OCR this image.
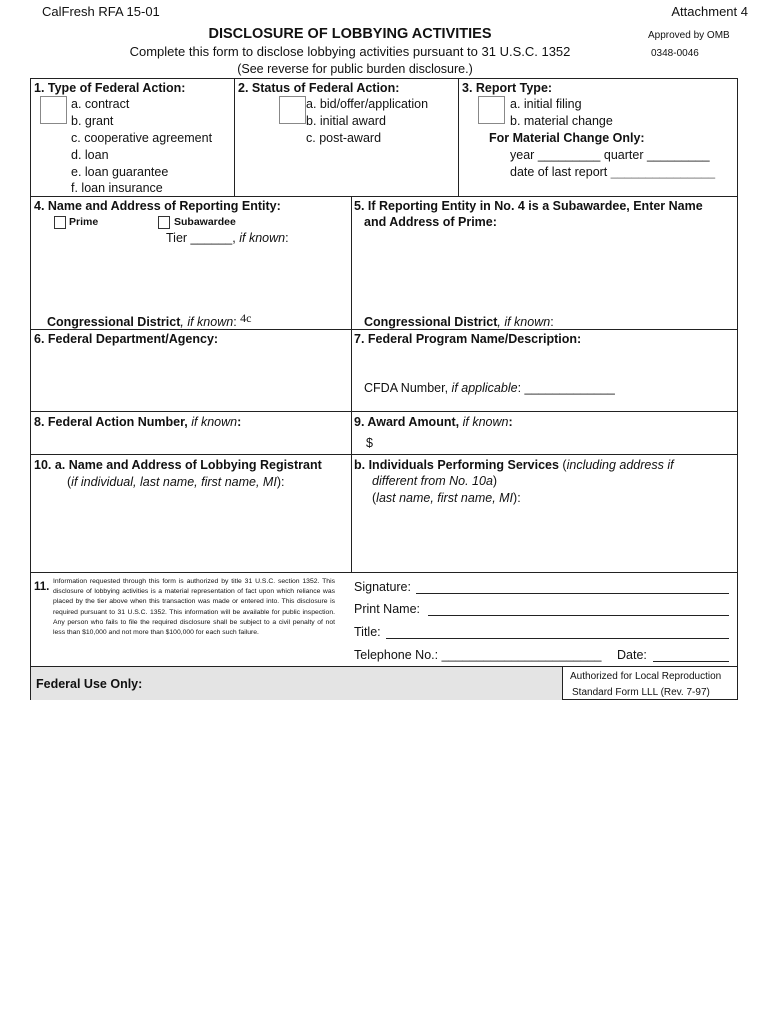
CalFresh RFA 15-01	Attachment 4
DISCLOSURE OF LOBBYING ACTIVITIES	Approved by OMB
Complete this form to disclose lobbying activities pursuant to 31 U.S.C. 1352	0348-0046
(See reverse for public burden disclosure.)
1. Type of Federal Action:
a. contract
b. grant
c. cooperative agreement
d. loan
e. loan guarantee
f. loan insurance
2. Status of Federal Action:
a. bid/offer/application
b. initial award
c. post-award
3. Report Type:
a. initial filing
b. material change
For Material Change Only:
year _________ quarter _________
date of last report _______________
4. Name and Address of Reporting Entity:
Prime	Subawardee
Tier ______, if known:
Congressional District, if known: 4c
5. If Reporting Entity in No. 4 is a Subawardee, Enter Name
and Address of Prime:
Congressional District, if known:
6. Federal Department/Agency:	7. Federal Program Name/Description:
CFDA Number, if applicable: _____________
8. Federal Action Number, if known:	9. Award Amount, if known:
$
10. a. Name and Address of Lobbying Registrant
(if individual, last name, first name, MI):
b. Individuals Performing Services (including address if
different from No. 10a)
(last name, first name, MI):
11. Information requested through this form is authorized by title 31 U.S.C. section 1352. This disclosure of lobbying activities is a material representation of fact upon which reliance was placed by the tier above when this transaction was made or entered into. This disclosure is required pursuant to 31 U.S.C. 1352. This information will be available for public inspection. Any person who fails to file the required disclosure shall be subject to a civil penalty of not less than $10,000 and not more than $100,000 for each such failure.
Signature:
Print Name:
Title:
Telephone No.: _______________________ Date:
Federal Use Only:
Authorized for Local Reproduction
Standard Form LLL (Rev. 7-97)
